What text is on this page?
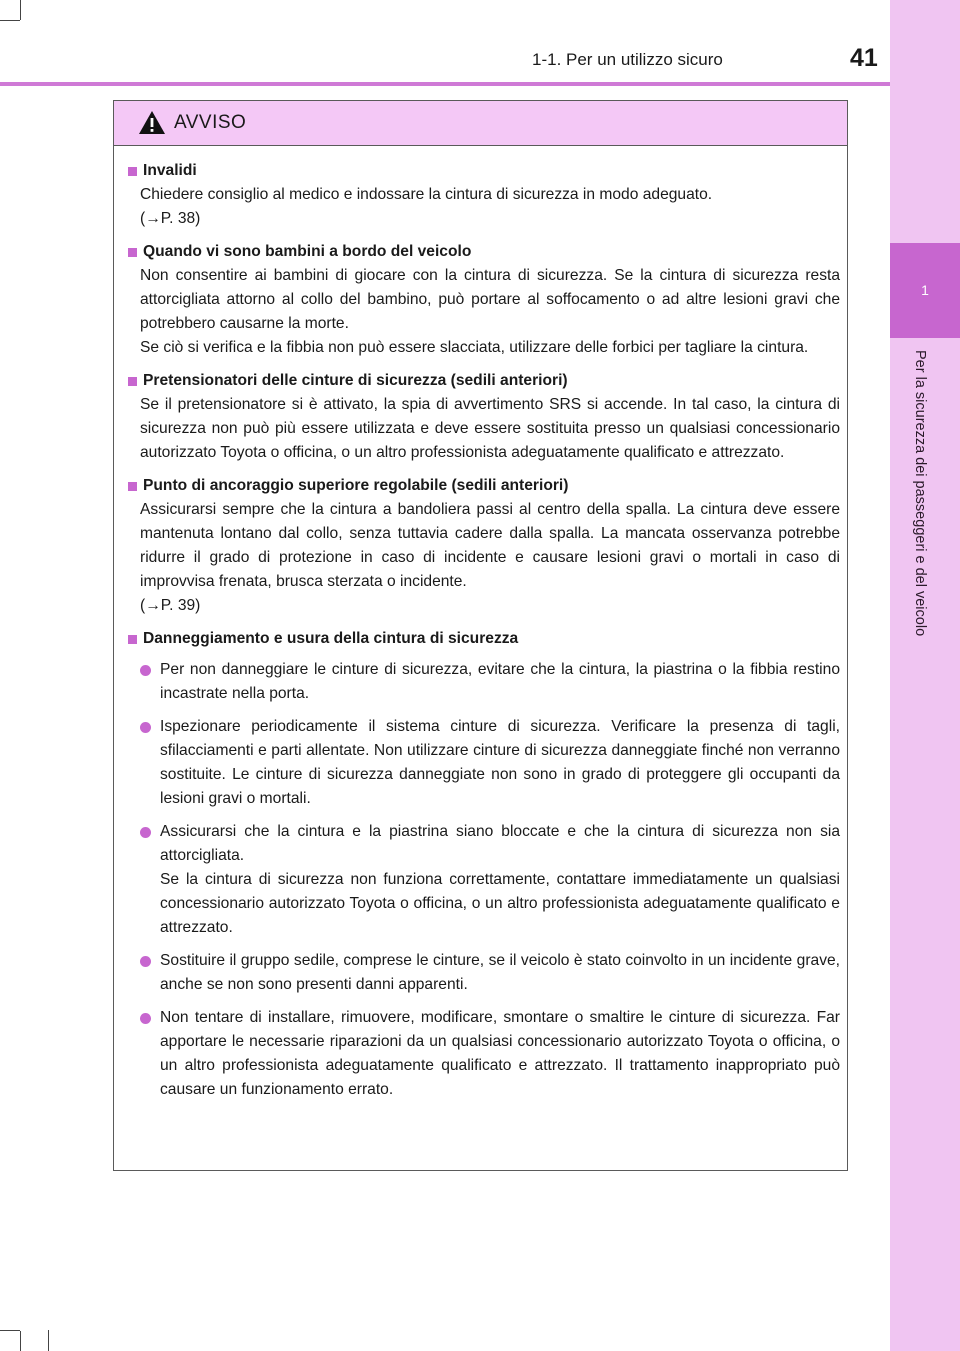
1
Per la sicurezza dei passeggeri e del veicolo
1-1. Per un utilizzo sicuro	41
AVVISO
Invalidi
Chiedere consiglio al medico e indossare la cintura di sicurezza in modo adeguato.
(→P. 38)
Quando vi sono bambini a bordo del veicolo
Non consentire ai bambini di giocare con la cintura di sicurezza. Se la cintura di sicurezza resta attorcigliata attorno al collo del bambino, può portare al soffocamento o ad altre lesioni gravi che potrebbero causarne la morte.
Se ciò si verifica e la fibbia non può essere slacciata, utilizzare delle forbici per tagliare la cintura.
Pretensionatori delle cinture di sicurezza (sedili anteriori)
Se il pretensionatore si è attivato, la spia di avvertimento SRS si accende. In tal caso, la cintura di sicurezza non può più essere utilizzata e deve essere sostituita presso un qualsiasi concessionario autorizzato Toyota o officina, o un altro professionista adeguatamente qualificato e attrezzato.
Punto di ancoraggio superiore regolabile (sedili anteriori)
Assicurarsi sempre che la cintura a bandoliera passi al centro della spalla. La cintura deve essere mantenuta lontano dal collo, senza tuttavia cadere dalla spalla. La mancata osservanza potrebbe ridurre il grado di protezione in caso di incidente e causare lesioni gravi o mortali in caso di improvvisa frenata, brusca sterzata o incidente.
(→P. 39)
Danneggiamento e usura della cintura di sicurezza
Per non danneggiare le cinture di sicurezza, evitare che la cintura, la piastrina o la fibbia restino incastrate nella porta.
Ispezionare periodicamente il sistema cinture di sicurezza. Verificare la presenza di tagli, sfilacciamenti e parti allentate. Non utilizzare cinture di sicurezza danneggiate finché non verranno sostituite. Le cinture di sicurezza danneggiate non sono in grado di proteggere gli occupanti da lesioni gravi o mortali.
Assicurarsi che la cintura e la piastrina siano bloccate e che la cintura di sicurezza non sia attorcigliata.
Se la cintura di sicurezza non funziona correttamente, contattare immediatamente un qualsiasi concessionario autorizzato Toyota o officina, o un altro professionista adeguatamente qualificato e attrezzato.
Sostituire il gruppo sedile, comprese le cinture, se il veicolo è stato coinvolto in un incidente grave, anche se non sono presenti danni apparenti.
Non tentare di installare, rimuovere, modificare, smontare o smaltire le cinture di sicurezza. Far apportare le necessarie riparazioni da un qualsiasi concessionario autorizzato Toyota o officina, o un altro professionista adeguatamente qualificato e attrezzato. Il trattamento inappropriato può causare un funzionamento errato.
